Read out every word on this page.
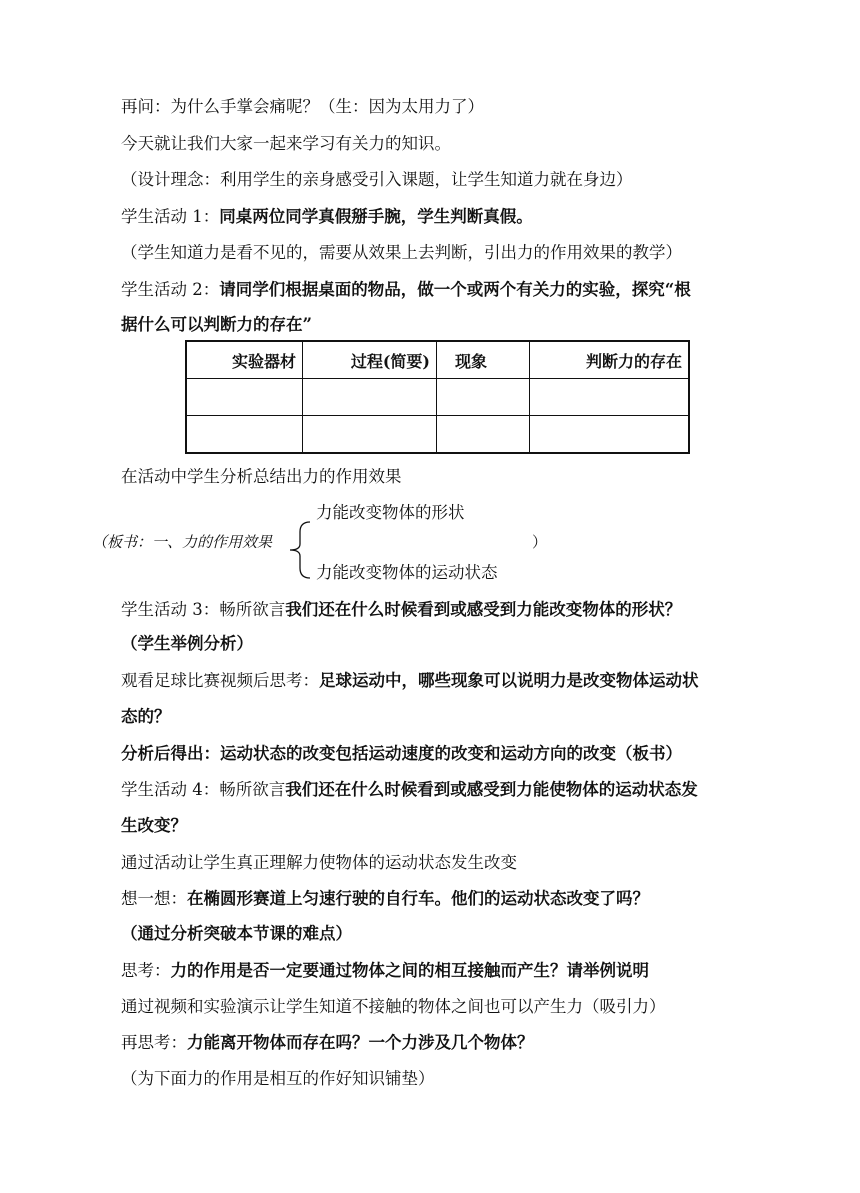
再问：为什么手掌会痛呢？（生：因为太用力了）
今天就让我们大家一起来学习有关力的知识。
（设计理念：利用学生的亲身感受引入课题，让学生知道力就在身边）
学生活动 1：同桌两位同学真假掰手腕，学生判断真假。
（学生知道力是看不见的，需要从效果上去判断，引出力的作用效果的教学）
学生活动 2：请同学们根据桌面的物品，做一个或两个有关力的实验，探究“根
据什么可以判断力的存在”
实验器材	过程(简要)	现象	判断力的存在

在活动中学生分析总结出力的作用效果
（板书：一、力的作用效果
力能改变物体的形状
力能改变物体的运动状态
）
学生活动 3：畅所欲言我们还在什么时候看到或感受到力能改变物体的形状？
（学生举例分析）
观看足球比赛视频后思考：足球运动中，哪些现象可以说明力是改变物体运动状
态的？
分析后得出：运动状态的改变包括运动速度的改变和运动方向的改变（板书）
学生活动 4：畅所欲言我们还在什么时候看到或感受到力能使物体的运动状态发
生改变？
通过活动让学生真正理解力使物体的运动状态发生改变
想一想：在椭圆形赛道上匀速行驶的自行车。他们的运动状态改变了吗？
（通过分析突破本节课的难点）
思考：力的作用是否一定要通过物体之间的相互接触而产生？请举例说明
通过视频和实验演示让学生知道不接触的物体之间也可以产生力（吸引力）
再思考：力能离开物体而存在吗？一个力涉及几个物体？
（为下面力的作用是相互的作好知识铺垫）
